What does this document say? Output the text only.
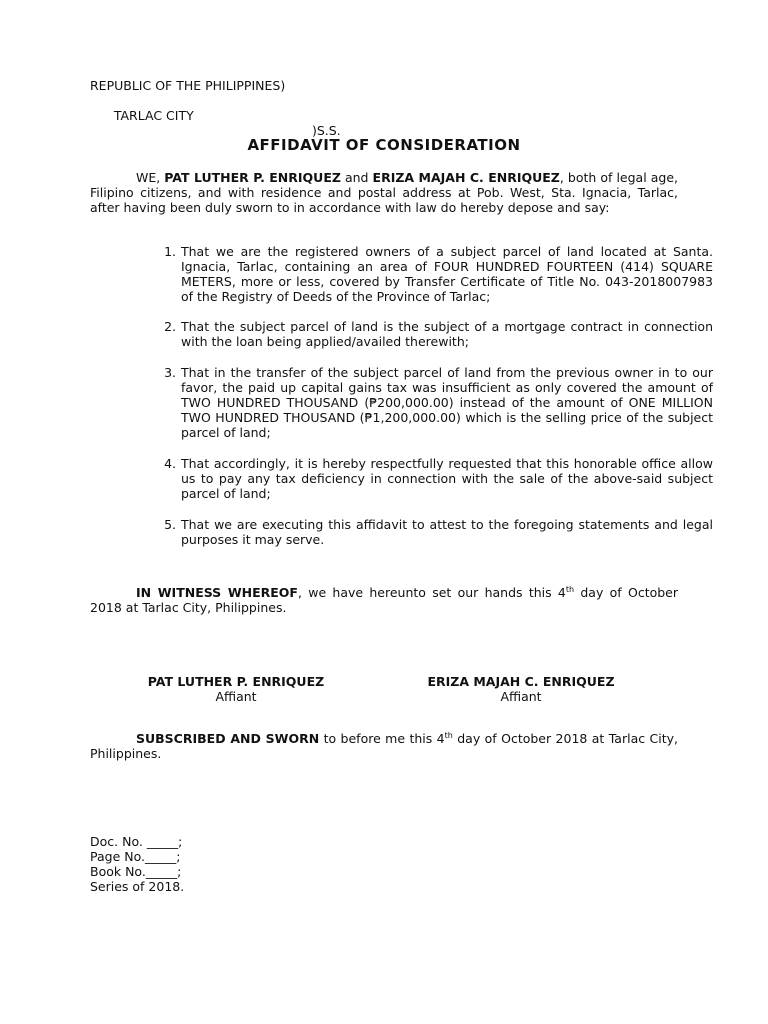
REPUBLIC OF THE PHILIPPINES)

TARLAC CITY

)S.S.

AFFIDAVIT OF CONSIDERATION
WE, PAT LUTHER P. ENRIQUEZ and ERIZA MAJAH C. ENRIQUEZ, both of legal age, Filipino citizens, and with residence and postal address at Pob. West, Sta. Ignacia, Tarlac, after having been duly sworn to in accordance with law do hereby depose and say:
1. That we are the registered owners of a subject parcel of land located at Santa. Ignacia, Tarlac, containing an area of FOUR HUNDRED FOURTEEN (414) SQUARE METERS, more or less, covered by Transfer Certificate of Title No. 043-2018007983 of the Registry of Deeds of the Province of Tarlac;
2. That the subject parcel of land is the subject of a mortgage contract in connection with the loan being applied/availed therewith;
3. That in the transfer of the subject parcel of land from the previous owner in to our favor, the paid up capital gains tax was insufficient as only covered the amount of TWO HUNDRED THOUSAND (₱200,000.00) instead of the amount of ONE MILLION TWO HUNDRED THOUSAND (₱1,200,000.00) which is the selling price of the subject parcel of land;
4. That accordingly, it is hereby respectfully requested that this honorable office allow us to pay any tax deficiency in connection with the sale of the above-said subject parcel of land;
5. That we are executing this affidavit to attest to the foregoing statements and legal purposes it may serve.
IN WITNESS WHEREOF, we have hereunto set our hands this 4th day of October 2018 at Tarlac City, Philippines.
PAT LUTHER P. ENRIQUEZ
Affiant
ERIZA MAJAH C. ENRIQUEZ
Affiant
SUBSCRIBED AND SWORN to before me this 4th day of October 2018 at Tarlac City, Philippines.
Doc. No. _____;
Page No._____;
Book No._____;
Series of 2018.
